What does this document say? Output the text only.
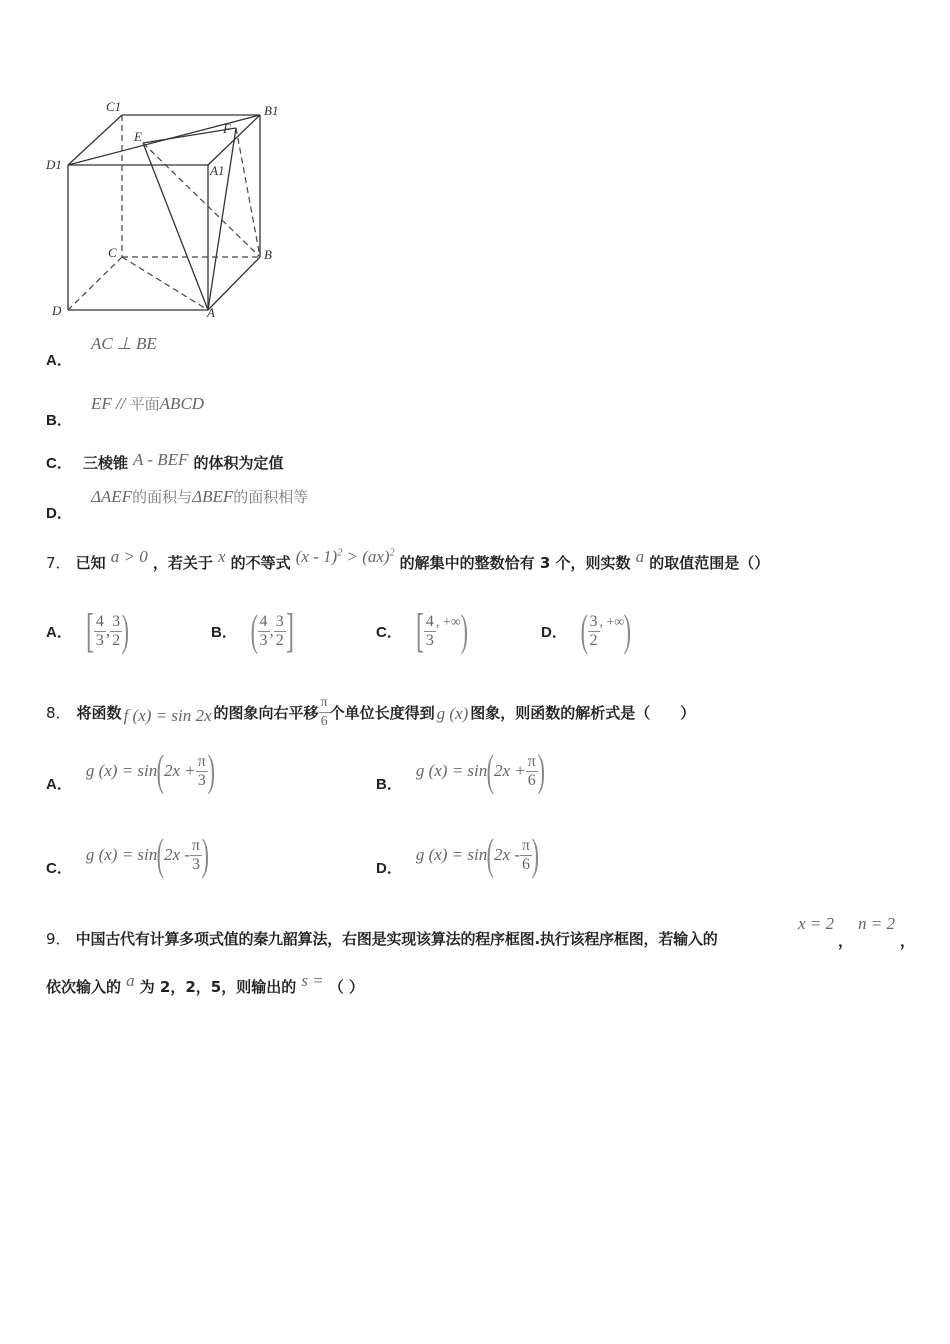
C1	B1
D1	A1
E
F
C	B
D	A
A． AC ⊥ BE
B． EF // 平面ABCD
C． 三棱锥 A - BEF 的体积为定值
D． ΔAEF的面积与ΔBEF的面积相等
7． 已知 a > 0 ，若关于 x 的不等式 (x - 1)$^2$ > (ax)$^2$ 的解集中的整数恰有 3 个，则实数 a 的取值范围是（）
A． [ $\frac{4}{3}$ , $\frac{3}{2}$ )	B． ( $\frac{4}{3}$ , $\frac{3}{2}$ ]	C． [ $\frac{4}{3}$ , +∞ )	D． ( $\frac{3}{2}$ , +∞ )
8． 将函数 f (x) = sin 2x 的图象向右平移 $\frac{\pi}{6}$ 个单位长度得到 g (x) 图象，则函数的解析式是（　　）
A．
g (x) = sin ( $2x + \frac{\pi}{3}$ )	B．
g (x) = sin ( $2x + \frac{\pi}{6}$ )
C．
g (x) = sin ( $2x - \frac{\pi}{3}$ )	D．
g (x) = sin ( $2x - \frac{\pi}{6}$ )
9． 中国古代有计算多项式值的秦九韶算法，右图是实现该算法的程序框图.执行该程序框图，若输入的
x = 2
，
n = 2
，
依次输入的 a 为 2，2，5，则输出的 s = （ ）
